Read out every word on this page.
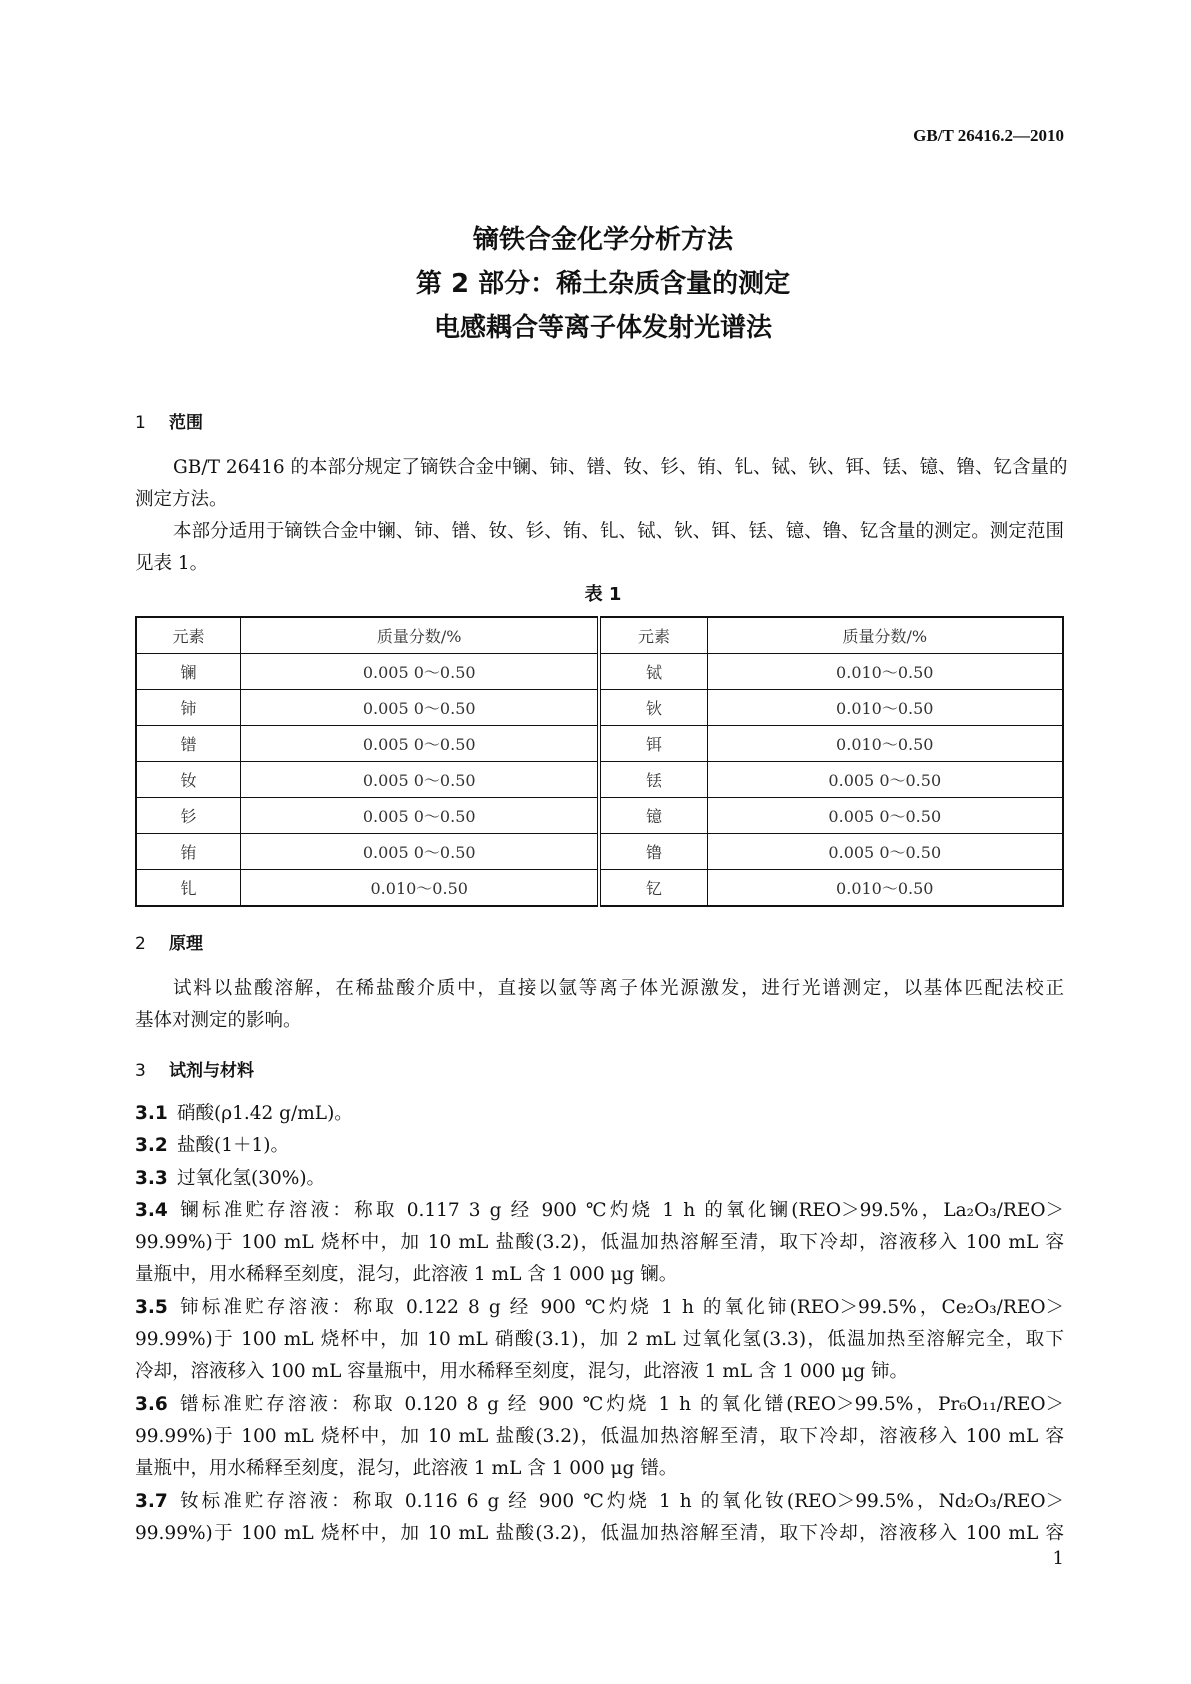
GB/T 26416.2—2010
镝铁合金化学分析方法
第 2 部分：稀土杂质含量的测定
电感耦合等离子体发射光谱法
1 范围
GB/T 26416 的本部分规定了镝铁合金中镧、铈、镨、钕、钐、铕、钆、铽、钬、铒、铥、镱、镥、钇含量的
测定方法。
本部分适用于镝铁合金中镧、铈、镨、钕、钐、铕、钆、铽、钬、铒、铥、镱、镥、钇含量的测定。测定范围
见表 1。
表 1
元素	质量分数/%	元素	质量分数/%
镧	0.005 0～0.50	铽	0.010～0.50
铈	0.005 0～0.50	钬	0.010～0.50
镨	0.005 0～0.50	铒	0.010～0.50
钕	0.005 0～0.50	铥	0.005 0～0.50
钐	0.005 0～0.50	镱	0.005 0～0.50
铕	0.005 0～0.50	镥	0.005 0～0.50
钆	0.010～0.50	钇	0.010～0.50
2 原理
试料以盐酸溶解，在稀盐酸介质中，直接以氩等离子体光源激发，进行光谱测定，以基体匹配法校正
基体对测定的影响。
3 试剂与材料
3.1 硝酸(ρ1.42 g/mL)。
3.2 盐酸(1＋1)。
3.3 过氧化氢(30%)。
3.4 镧标准贮存溶液：称取 0.117 3 g 经 900 ℃灼烧 1 h 的氧化镧(REO＞99.5%，La₂O₃/REO＞
99.99%)于 100 mL 烧杯中，加 10 mL 盐酸(3.2)，低温加热溶解至清，取下冷却，溶液移入 100 mL 容
量瓶中，用水稀释至刻度，混匀，此溶液 1 mL 含 1 000 μg 镧。
3.5 铈标准贮存溶液：称取 0.122 8 g 经 900 ℃灼烧 1 h 的氧化铈(REO＞99.5%，Ce₂O₃/REO＞
99.99%)于 100 mL 烧杯中，加 10 mL 硝酸(3.1)，加 2 mL 过氧化氢(3.3)，低温加热至溶解完全，取下
冷却，溶液移入 100 mL 容量瓶中，用水稀释至刻度，混匀，此溶液 1 mL 含 1 000 μg 铈。
3.6 镨标准贮存溶液：称取 0.120 8 g 经 900 ℃灼烧 1 h 的氧化镨(REO＞99.5%，Pr₆O₁₁/REO＞
99.99%)于 100 mL 烧杯中，加 10 mL 盐酸(3.2)，低温加热溶解至清，取下冷却，溶液移入 100 mL 容
量瓶中，用水稀释至刻度，混匀，此溶液 1 mL 含 1 000 μg 镨。
3.7 钕标准贮存溶液：称取 0.116 6 g 经 900 ℃灼烧 1 h 的氧化钕(REO＞99.5%，Nd₂O₃/REO＞
99.99%)于 100 mL 烧杯中，加 10 mL 盐酸(3.2)，低温加热溶解至清，取下冷却，溶液移入 100 mL 容
1
